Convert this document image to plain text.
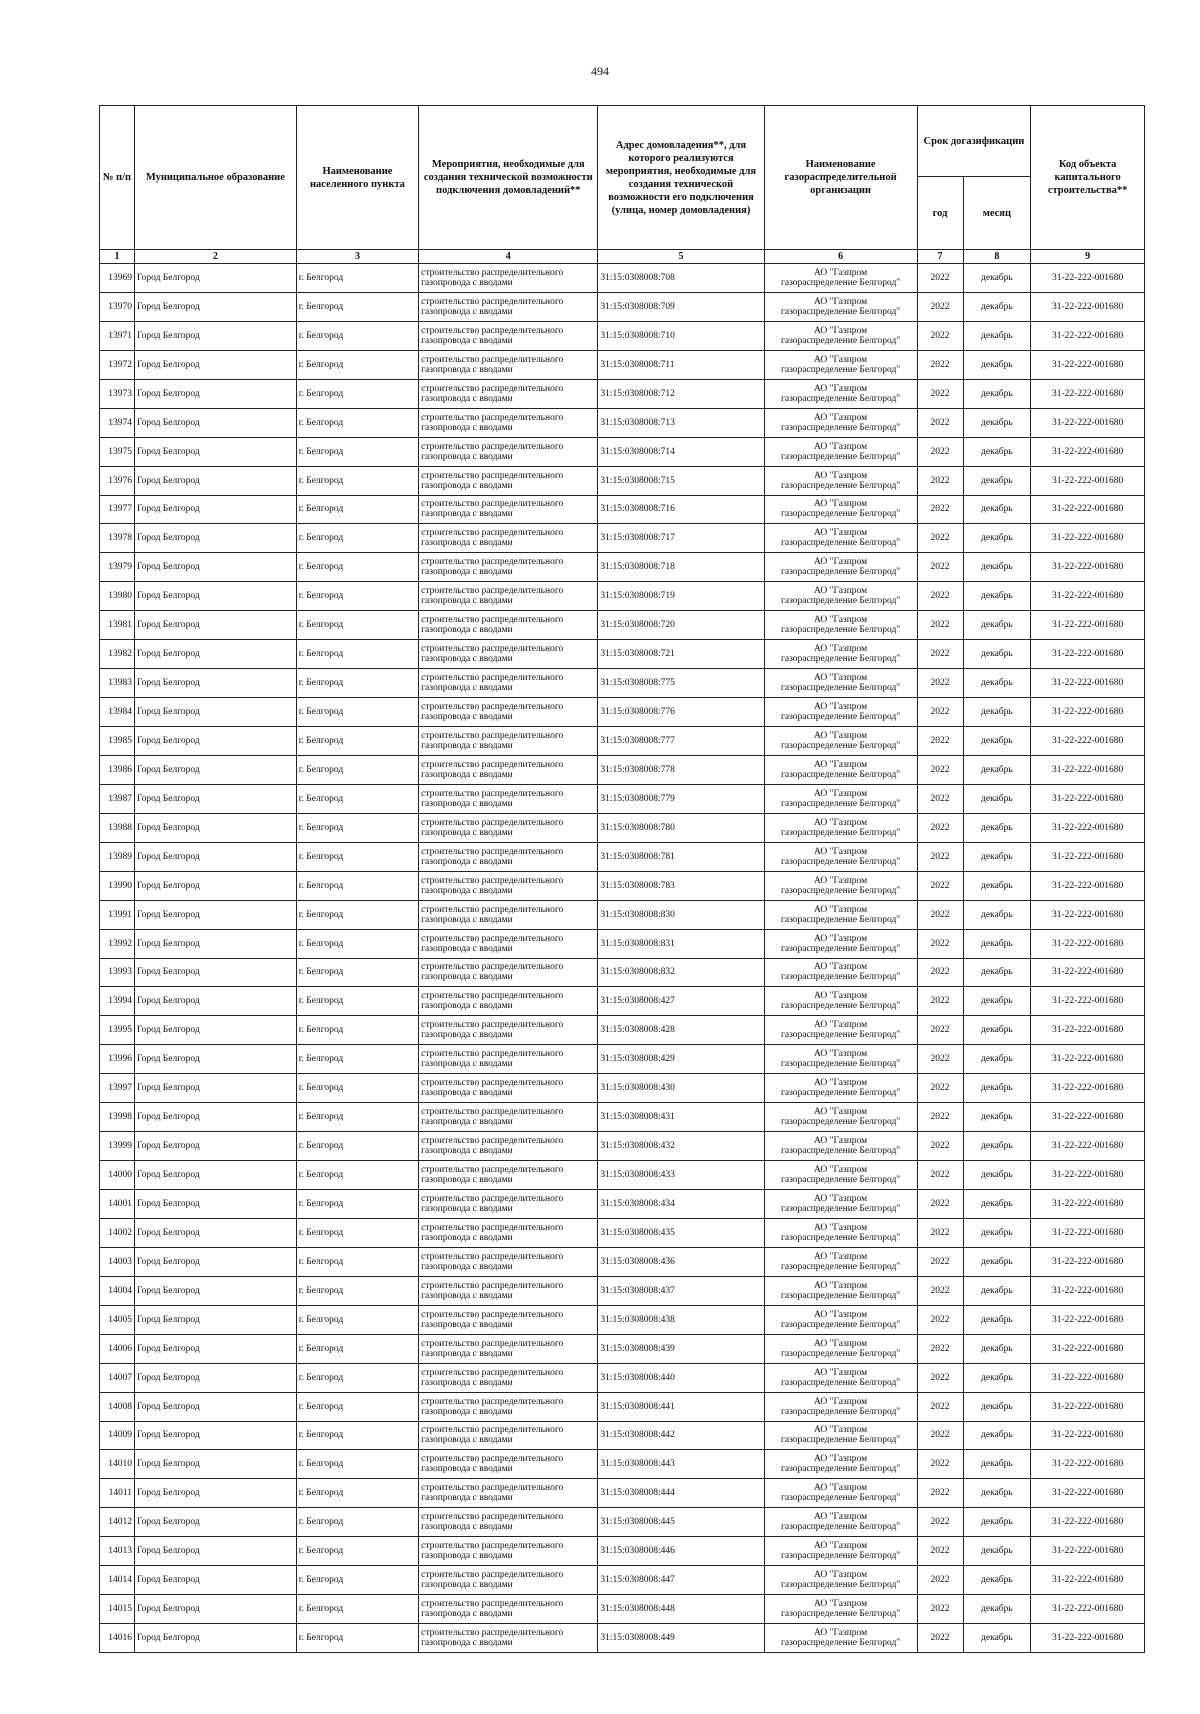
494
№ п/п	Муниципальное образование	Наименование населенного пункта	Мероприятия, необходимые для создания технической возможности подключения домовладений**	Адрес домовладения**, для которого реализуются мероприятия, необходимые для создания технической возможности его подключения (улица, номер домовладения)	Наименование газораспределительной организации	Срок догазификации		Код объекта капитального строительства**
						год	месяц	
1	2	3	4	5	6	7	8	9
13969	Город Белгород	г. Белгород	строительство распределительного
газопровода с вводами	31:15:0308008:708	АО "Газпром
газораспределение Белгород"	2022	декабрь	31-22-222-001680
13970	Город Белгород	г. Белгород	строительство распределительного
газопровода с вводами	31:15:0308008:709	АО "Газпром
газораспределение Белгород"	2022	декабрь	31-22-222-001680
13971	Город Белгород	г. Белгород	строительство распределительного
газопровода с вводами	31:15:0308008:710	АО "Газпром
газораспределение Белгород"	2022	декабрь	31-22-222-001680
13972	Город Белгород	г. Белгород	строительство распределительного
газопровода с вводами	31:15:0308008:711	АО "Газпром
газораспределение Белгород"	2022	декабрь	31-22-222-001680
13973	Город Белгород	г. Белгород	строительство распределительного
газопровода с вводами	31:15:0308008:712	АО "Газпром
газораспределение Белгород"	2022	декабрь	31-22-222-001680
13974	Город Белгород	г. Белгород	строительство распределительного
газопровода с вводами	31:15:0308008:713	АО "Газпром
газораспределение Белгород"	2022	декабрь	31-22-222-001680
13975	Город Белгород	г. Белгород	строительство распределительного
газопровода с вводами	31:15:0308008:714	АО "Газпром
газораспределение Белгород"	2022	декабрь	31-22-222-001680
13976	Город Белгород	г. Белгород	строительство распределительного
газопровода с вводами	31:15:0308008:715	АО "Газпром
газораспределение Белгород"	2022	декабрь	31-22-222-001680
13977	Город Белгород	г. Белгород	строительство распределительного
газопровода с вводами	31:15:0308008:716	АО "Газпром
газораспределение Белгород"	2022	декабрь	31-22-222-001680
13978	Город Белгород	г. Белгород	строительство распределительного
газопровода с вводами	31:15:0308008:717	АО "Газпром
газораспределение Белгород"	2022	декабрь	31-22-222-001680
13979	Город Белгород	г. Белгород	строительство распределительного
газопровода с вводами	31:15:0308008:718	АО "Газпром
газораспределение Белгород"	2022	декабрь	31-22-222-001680
13980	Город Белгород	г. Белгород	строительство распределительного
газопровода с вводами	31:15:0308008:719	АО "Газпром
газораспределение Белгород"	2022	декабрь	31-22-222-001680
13981	Город Белгород	г. Белгород	строительство распределительного
газопровода с вводами	31:15:0308008:720	АО "Газпром
газораспределение Белгород"	2022	декабрь	31-22-222-001680
13982	Город Белгород	г. Белгород	строительство распределительного
газопровода с вводами	31:15:0308008:721	АО "Газпром
газораспределение Белгород"	2022	декабрь	31-22-222-001680
13983	Город Белгород	г. Белгород	строительство распределительного
газопровода с вводами	31:15:0308008:775	АО "Газпром
газораспределение Белгород"	2022	декабрь	31-22-222-001680
13984	Город Белгород	г. Белгород	строительство распределительного
газопровода с вводами	31:15:0308008:776	АО "Газпром
газораспределение Белгород"	2022	декабрь	31-22-222-001680
13985	Город Белгород	г. Белгород	строительство распределительного
газопровода с вводами	31:15:0308008:777	АО "Газпром
газораспределение Белгород"	2022	декабрь	31-22-222-001680
13986	Город Белгород	г. Белгород	строительство распределительного
газопровода с вводами	31:15:0308008:778	АО "Газпром
газораспределение Белгород"	2022	декабрь	31-22-222-001680
13987	Город Белгород	г. Белгород	строительство распределительного
газопровода с вводами	31:15:0308008:779	АО "Газпром
газораспределение Белгород"	2022	декабрь	31-22-222-001680
13988	Город Белгород	г. Белгород	строительство распределительного
газопровода с вводами	31:15:0308008:780	АО "Газпром
газораспределение Белгород"	2022	декабрь	31-22-222-001680
13989	Город Белгород	г. Белгород	строительство распределительного
газопровода с вводами	31:15:0308008:781	АО "Газпром
газораспределение Белгород"	2022	декабрь	31-22-222-001680
13990	Город Белгород	г. Белгород	строительство распределительного
газопровода с вводами	31:15:0308008:783	АО "Газпром
газораспределение Белгород"	2022	декабрь	31-22-222-001680
13991	Город Белгород	г. Белгород	строительство распределительного
газопровода с вводами	31:15:0308008:830	АО "Газпром
газораспределение Белгород"	2022	декабрь	31-22-222-001680
13992	Город Белгород	г. Белгород	строительство распределительного
газопровода с вводами	31:15:0308008:831	АО "Газпром
газораспределение Белгород"	2022	декабрь	31-22-222-001680
13993	Город Белгород	г. Белгород	строительство распределительного
газопровода с вводами	31:15:0308008:832	АО "Газпром
газораспределение Белгород"	2022	декабрь	31-22-222-001680
13994	Город Белгород	г. Белгород	строительство распределительного
газопровода с вводами	31:15:0308008:427	АО "Газпром
газораспределение Белгород"	2022	декабрь	31-22-222-001680
13995	Город Белгород	г. Белгород	строительство распределительного
газопровода с вводами	31:15:0308008:428	АО "Газпром
газораспределение Белгород"	2022	декабрь	31-22-222-001680
13996	Город Белгород	г. Белгород	строительство распределительного
газопровода с вводами	31:15:0308008:429	АО "Газпром
газораспределение Белгород"	2022	декабрь	31-22-222-001680
13997	Город Белгород	г. Белгород	строительство распределительного
газопровода с вводами	31:15:0308008:430	АО "Газпром
газораспределение Белгород"	2022	декабрь	31-22-222-001680
13998	Город Белгород	г. Белгород	строительство распределительного
газопровода с вводами	31:15:0308008:431	АО "Газпром
газораспределение Белгород"	2022	декабрь	31-22-222-001680
13999	Город Белгород	г. Белгород	строительство распределительного
газопровода с вводами	31:15:0308008:432	АО "Газпром
газораспределение Белгород"	2022	декабрь	31-22-222-001680
14000	Город Белгород	г. Белгород	строительство распределительного
газопровода с вводами	31:15:0308008:433	АО "Газпром
газораспределение Белгород"	2022	декабрь	31-22-222-001680
14001	Город Белгород	г. Белгород	строительство распределительного
газопровода с вводами	31:15:0308008:434	АО "Газпром
газораспределение Белгород"	2022	декабрь	31-22-222-001680
14002	Город Белгород	г. Белгород	строительство распределительного
газопровода с вводами	31:15:0308008:435	АО "Газпром
газораспределение Белгород"	2022	декабрь	31-22-222-001680
14003	Город Белгород	г. Белгород	строительство распределительного
газопровода с вводами	31:15:0308008:436	АО "Газпром
газораспределение Белгород"	2022	декабрь	31-22-222-001680
14004	Город Белгород	г. Белгород	строительство распределительного
газопровода с вводами	31:15:0308008:437	АО "Газпром
газораспределение Белгород"	2022	декабрь	31-22-222-001680
14005	Город Белгород	г. Белгород	строительство распределительного
газопровода с вводами	31:15:0308008:438	АО "Газпром
газораспределение Белгород"	2022	декабрь	31-22-222-001680
14006	Город Белгород	г. Белгород	строительство распределительного
газопровода с вводами	31:15:0308008:439	АО "Газпром
газораспределение Белгород"	2022	декабрь	31-22-222-001680
14007	Город Белгород	г. Белгород	строительство распределительного
газопровода с вводами	31:15:0308008:440	АО "Газпром
газораспределение Белгород"	2022	декабрь	31-22-222-001680
14008	Город Белгород	г. Белгород	строительство распределительного
газопровода с вводами	31:15:0308008:441	АО "Газпром
газораспределение Белгород"	2022	декабрь	31-22-222-001680
14009	Город Белгород	г. Белгород	строительство распределительного
газопровода с вводами	31:15:0308008:442	АО "Газпром
газораспределение Белгород"	2022	декабрь	31-22-222-001680
14010	Город Белгород	г. Белгород	строительство распределительного
газопровода с вводами	31:15:0308008:443	АО "Газпром
газораспределение Белгород"	2022	декабрь	31-22-222-001680
14011	Город Белгород	г. Белгород	строительство распределительного
газопровода с вводами	31:15:0308008:444	АО "Газпром
газораспределение Белгород"	2022	декабрь	31-22-222-001680
14012	Город Белгород	г. Белгород	строительство распределительного
газопровода с вводами	31:15:0308008:445	АО "Газпром
газораспределение Белгород"	2022	декабрь	31-22-222-001680
14013	Город Белгород	г. Белгород	строительство распределительного
газопровода с вводами	31:15:0308008:446	АО "Газпром
газораспределение Белгород"	2022	декабрь	31-22-222-001680
14014	Город Белгород	г. Белгород	строительство распределительного
газопровода с вводами	31:15:0308008:447	АО "Газпром
газораспределение Белгород"	2022	декабрь	31-22-222-001680
14015	Город Белгород	г. Белгород	строительство распределительного
газопровода с вводами	31:15:0308008:448	АО "Газпром
газораспределение Белгород"	2022	декабрь	31-22-222-001680
14016	Город Белгород	г. Белгород	строительство распределительного
газопровода с вводами	31:15:0308008:449	АО "Газпром
газораспределение Белгород"	2022	декабрь	31-22-222-001680
